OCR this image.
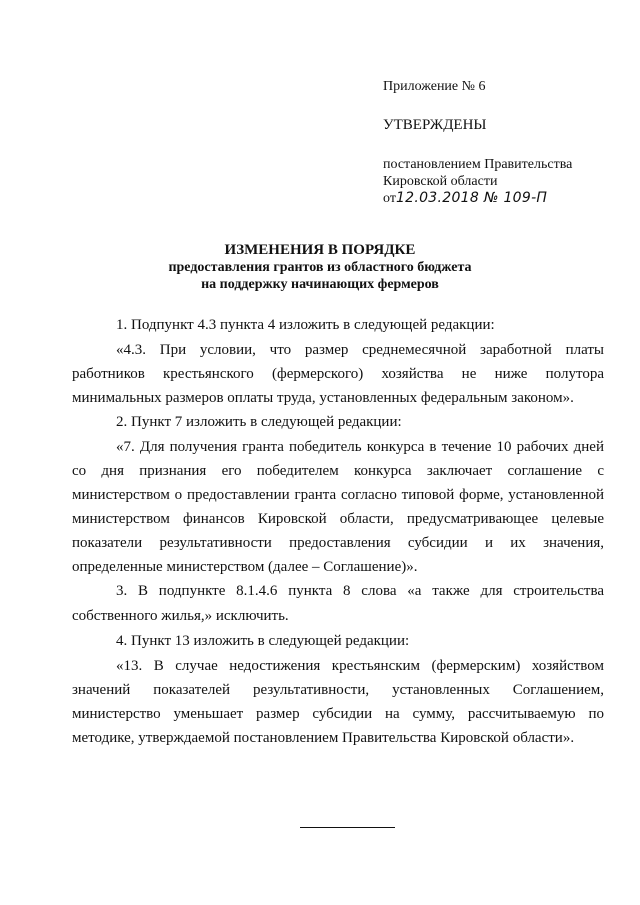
Приложение № 6

УТВЕРЖДЕНЫ

постановлением Правительства

Кировской области

от12.03.2018 № 109-П

ИЗМЕНЕНИЯ В ПОРЯДКЕ
предоставления грантов из областного бюджета
на поддержку начинающих фермеров

1. Подпункт 4.3 пункта 4 изложить в следующей редакции:

«4.3. При условии, что размер среднемесячной заработной платы работников крестьянского (фермерского) хозяйства не ниже полутора минимальных размеров оплаты труда, установленных федеральным законом».

2. Пункт 7 изложить в следующей редакции:

«7. Для получения гранта победитель конкурса в течение 10 рабочих дней со дня признания его победителем конкурса заключает соглашение с министерством о предоставлении гранта согласно типовой форме, установленной министерством финансов Кировской области, предусматривающее целевые показатели результативности предоставления субсидии и их значения, определенные министерством (далее – Соглашение)».

3. В подпункте 8.1.4.6 пункта 8 слова «а также для строительства собственного жилья,» исключить.

4. Пункт 13 изложить в следующей редакции:

«13. В случае недостижения крестьянским (фермерским) хозяйством значений показателей результативности, установленных Соглашением, министерство уменьшает размер субсидии на сумму, рассчитываемую по методике, утверждаемой постановлением Правительства Кировской области».
